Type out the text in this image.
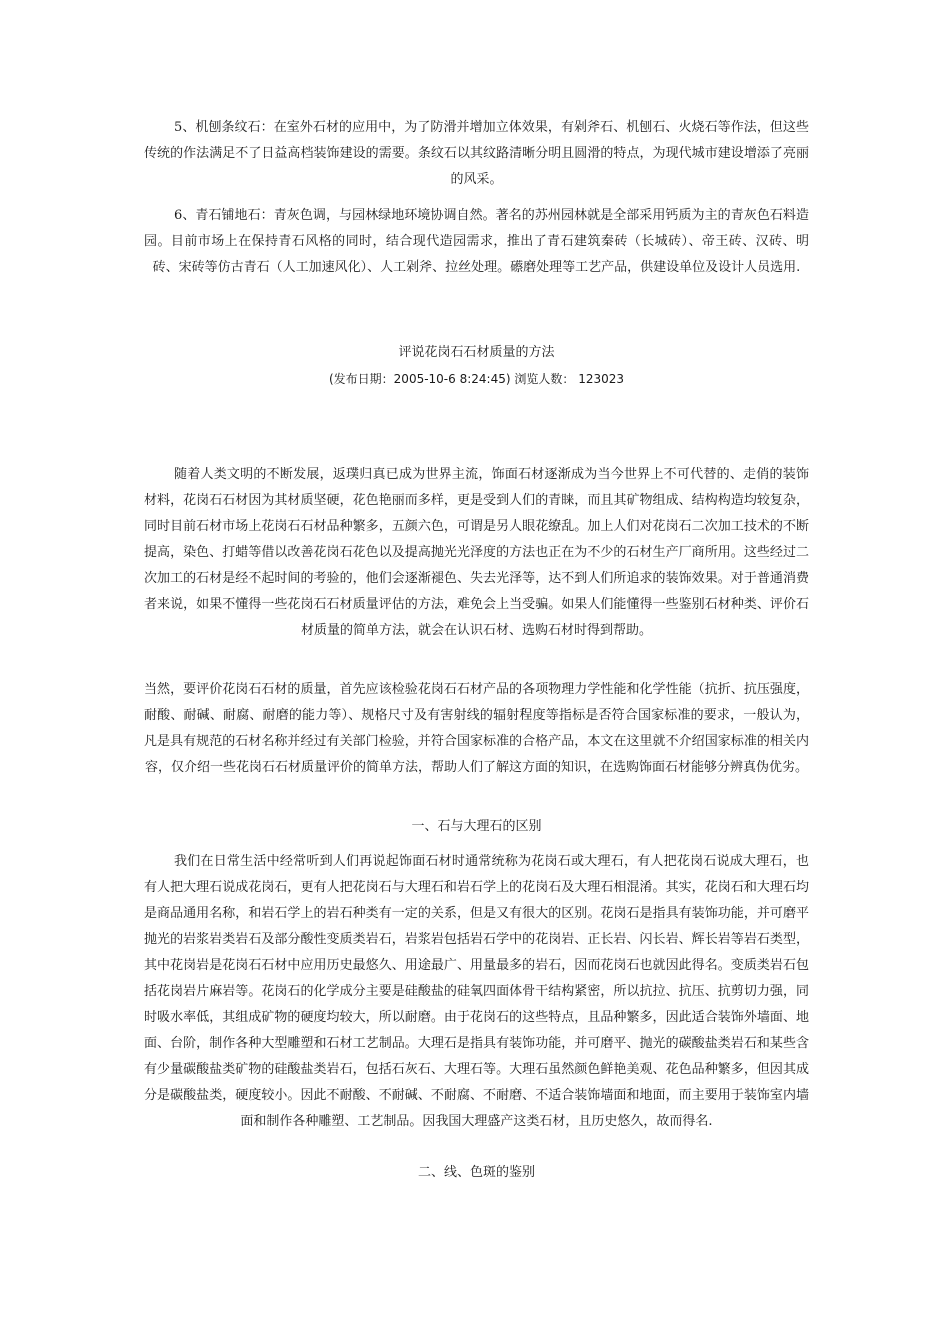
5、机刨条纹石：在室外石材的应用中，为了防滑并增加立体效果，有剁斧石、机刨石、火烧石等作法，但这些传统的作法满足不了日益高档装饰建设的需要。条纹石以其纹路清晰分明且圆滑的特点，为现代城市建设增添了亮丽的风采。

6、青石铺地石：青灰色调，与园林绿地环境协调自然。著名的苏州园林就是全部采用钙质为主的青灰色石料造园。目前市场上在保持青石风格的同时，结合现代造园需求，推出了青石建筑秦砖（长城砖）、帝王砖、汉砖、明砖、宋砖等仿古青石（人工加速风化）、人工剁斧、拉丝处理。礤磨处理等工艺产品，供建设单位及设计人员选用.

评说花岗石石材质量的方法
(发布日期：2005-10-6 8:24:45) 浏览人数： 123023

随着人类文明的不断发展，返璞归真已成为世界主流，饰面石材逐渐成为当今世界上不可代替的、走俏的装饰材料，花岗石石材因为其材质坚硬，花色艳丽而多样，更是受到人们的青睐，而且其矿物组成、结构构造均较复杂，同时目前石材市场上花岗石石材品种繁多，五颜六色，可谓是另人眼花缭乱。加上人们对花岗石二次加工技术的不断提高，染色、打蜡等借以改善花岗石花色以及提高抛光光泽度的方法也正在为不少的石材生产厂商所用。这些经过二次加工的石材是经不起时间的考验的，他们会逐渐褪色、失去光泽等，达不到人们所追求的装饰效果。对于普通消费者来说，如果不懂得一些花岗石石材质量评估的方法，难免会上当受骗。如果人们能懂得一些鉴别石材种类、评价石材质量的简单方法，就会在认识石材、选购石材时得到帮助。

当然，要评价花岗石石材的质量，首先应该检验花岗石石材产品的各项物理力学性能和化学性能（抗折、抗压强度，耐酸、耐碱、耐腐、耐磨的能力等）、规格尺寸及有害射线的辐射程度等指标是否符合国家标准的要求，一般认为，凡是具有规范的石材名称并经过有关部门检验，并符合国家标准的合格产品，本文在这里就不介绍国家标准的相关内容，仅介绍一些花岗石石材质量评价的简单方法，帮助人们了解这方面的知识，在选购饰面石材能够分辨真伪优劣。

一、石与大理石的区别

我们在日常生活中经常听到人们再说起饰面石材时通常统称为花岗石或大理石，有人把花岗石说成大理石，也有人把大理石说成花岗石，更有人把花岗石与大理石和岩石学上的花岗石及大理石相混淆。其实，花岗石和大理石均是商品通用名称，和岩石学上的岩石种类有一定的关系，但是又有很大的区别。花岗石是指具有装饰功能，并可磨平抛光的岩浆岩类岩石及部分酸性变质类岩石，岩浆岩包括岩石学中的花岗岩、正长岩、闪长岩、辉长岩等岩石类型，其中花岗岩是花岗石石材中应用历史最悠久、用途最广、用量最多的岩石，因而花岗石也就因此得名。变质类岩石包括花岗岩片麻岩等。花岗石的化学成分主要是硅酸盐的硅氧四面体骨干结构紧密，所以抗拉、抗压、抗剪切力强，同时吸水率低，其组成矿物的硬度均较大，所以耐磨。由于花岗石的这些特点，且品种繁多，因此适合装饰外墙面、地面、台阶，制作各种大型雕塑和石材工艺制品。大理石是指具有装饰功能，并可磨平、抛光的碳酸盐类岩石和某些含有少量碳酸盐类矿物的硅酸盐类岩石，包括石灰石、大理石等。大理石虽然颜色鲜艳美观、花色品种繁多，但因其成分是碳酸盐类，硬度较小。因此不耐酸、不耐碱、不耐腐、不耐磨、不适合装饰墙面和地面，而主要用于装饰室内墙面和制作各种雕塑、工艺制品。因我国大理盛产这类石材，且历史悠久，故而得名.

二、线、色斑的鉴别
